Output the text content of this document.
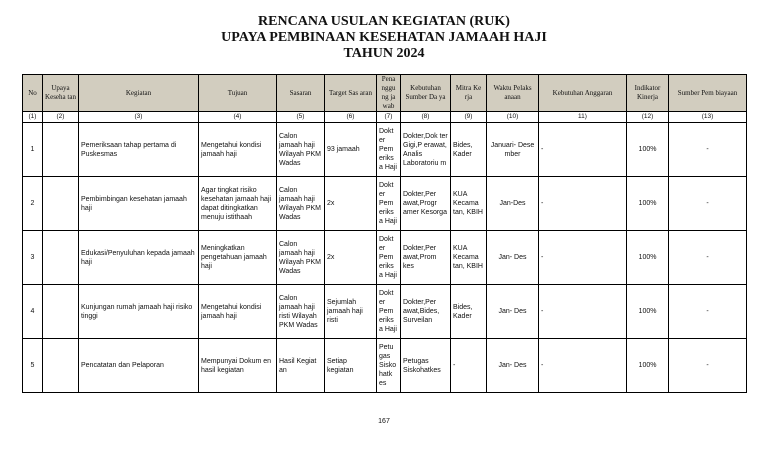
RENCANA USULAN KEGIATAN (RUK)
UPAYA PEMBINAAN KESEHATAN JAMAAH HAJI
TAHUN 2024
No	Upaya Keseha tan	Kegiatan	Tujuan	Sasaran	Target Sas aran	Pena nggu ng ja wab	Kebutuhan Sumber Da ya	Mitra Ke rja	Waktu Pelaks anaan	Kebutuhan Anggaran	Indikator Kinerja	Sumber Pem biayaan
(1)	(2)	(3)	(4)	(5)	(6)	(7)	(8)	(9)	(10)	11)	(12)	(13)
1		Pemeriksaan tahap pertama di Puskesmas	Mengetahui kondisi jamaah haji	Calon jamaah haji Wilayah PKM Wadas	93 jamaah	Dokt er Pem eriks a Haji	Dokter,Dok ter Gigi,P erawat, Analis Laboratoriu m	Bides, Kader	Januari- Dese mber	-	100%	-
2		Pembimbingan kesehatan jamaah haji	Agar tingkat risiko kesehatan jamaah haji dapat ditingkatkan menuju istithaah	Calon jamaah haji Wilayah PKM Wadas	2x	Dokt er Pem eriks a Haji	Dokter,Per awat,Progr amer Kesorga	KUA Kecama tan, KBIH	Jan-Des	-	100%	-
3		Edukasi/Penyuluhan kepada jamaah haji	Meningkatkan pengetahuan jamaah haji	Calon jamaah haji Wilayah PKM Wadas	2x	Dokt er Pem eriks a Haji	Dokter,Per awat,Prom kes	KUA Kecama tan, KBIH	Jan- Des	-	100%	-
4		Kunjungan rumah jamaah haji risiko tinggi	Mengetahui kondisi jamaah haji	Calon jamaah haji risti Wilayah PKM Wadas	Sejumlah jamaah haji risti	Dokt er Pem eriks a Haji	Dokter,Per awat,Bides, Surveilan	Bides, Kader	Jan- Des	-	100%	-
5		Pencatatan dan Pelaporan	Mempunyai Dokum en hasil kegiatan	Hasil Kegiat an	Setiap kegiatan	Petu gas Sisko hatk es	Petugas Siskohatkes	-	Jan- Des	-	100%	-
167
